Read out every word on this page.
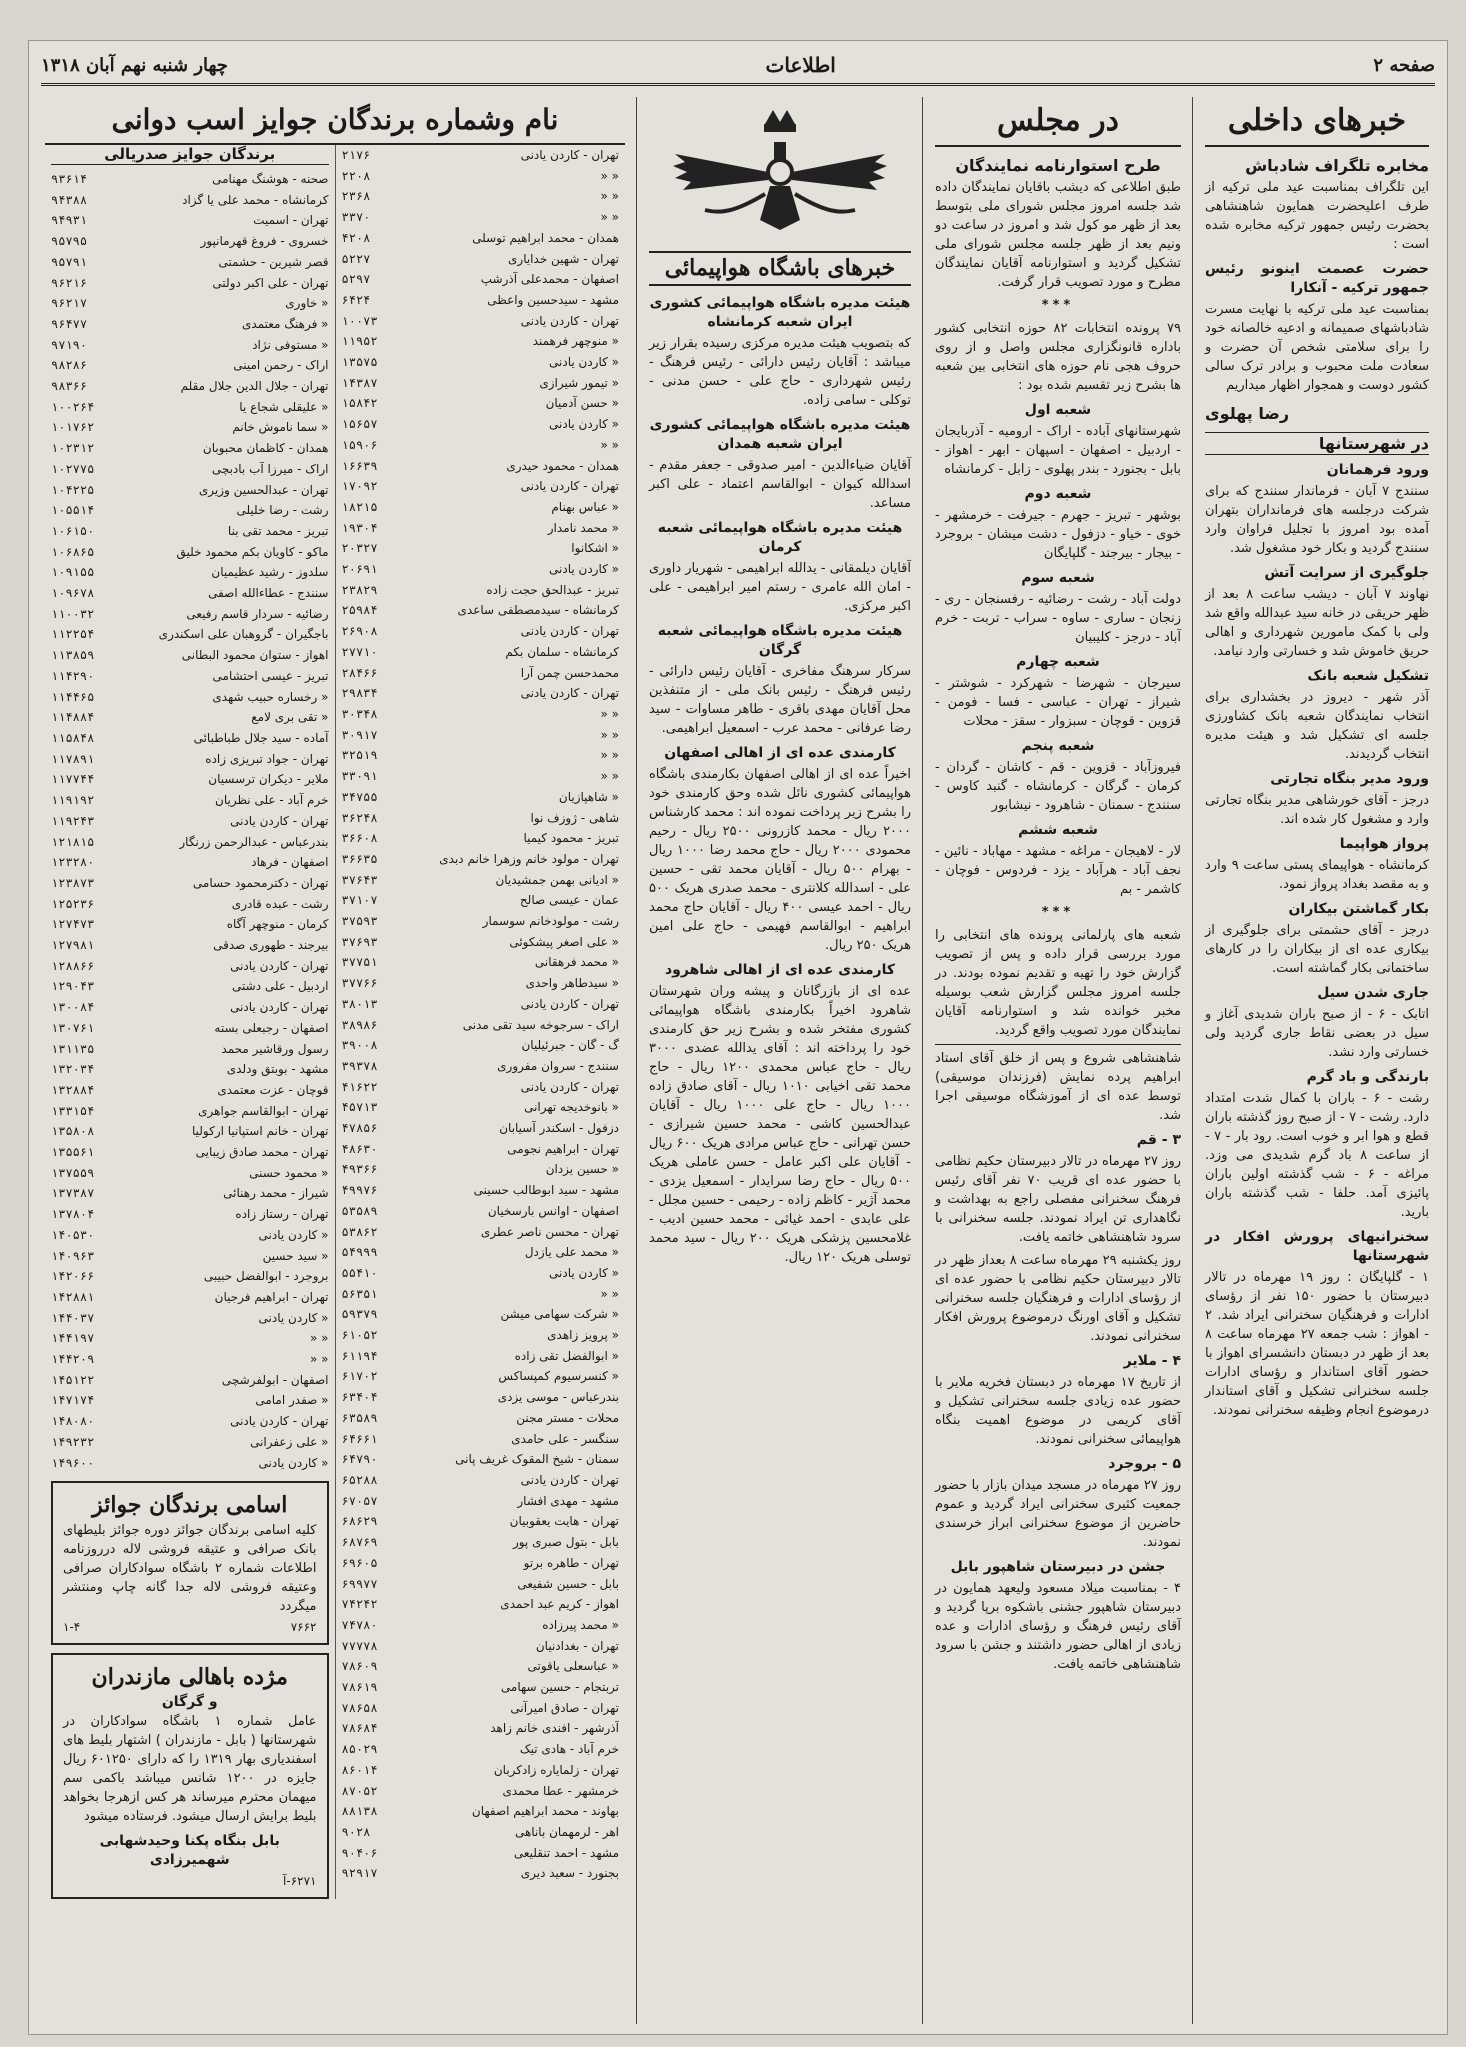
صفحه ۲
اطلاعات
چهار شنبه نهم آبان ۱۳۱۸
خبرهای داخلی
مخابره تلگراف شادباش

این تلگراف بمناسبت عید ملی ترکیه از طرف اعلیحضرت همایون شاهنشاهی بحضرت رئیس جمهور ترکیه مخابره شده است :

حضرت عصمت اینونو رئیس جمهور ترکیه - آنکارا

بمناسبت عید ملی ترکیه با نهایت مسرت شادباشهای صمیمانه و ادعیه خالصانه خود را برای سلامتی شخص آن حضرت و سعادت ملت محبوب و برادر ترک سالی کشور دوست و همجوار اظهار میداریم

رضا پهلوی
در شهرستانها
ورود فرهمانان

سنندج ۷ آبان - فرماندار سنندج که برای شرکت درجلسه های فرمانداران بتهران آمده بود امروز با تجلیل فراوان وارد سنندج گردید و بکار خود مشغول شد.

جلوگیری از سرایت آتش

نهاوند ۷ آبان - دیشب ساعت ۸ بعد از ظهر حریقی در خانه سید عبدالله واقع شد ولی با کمک مامورین شهرداری و اهالی حریق خاموش شد و خسارتی وارد نیامد.

تشکیل شعبه بانک

آذر شهر - دیروز در بخشداری برای انتخاب نمایندگان شعبه بانک کشاورزی جلسه ای تشکیل شد و هیئت مدیره انتخاب گردیدند.

ورود مدیر بنگاه تجارتی

درجز - آقای خورشاهی مدیر بنگاه تجارتی وارد و مشغول کار شده اند.

پرواز هواپیما

کرمانشاه - هواپیمای پستی ساعت ۹ وارد و به مقصد بغداد پرواز نمود.

بکار گماشتن بیکاران

درجز - آقای حشمتی برای جلوگیری از بیکاری عده ای از بیکاران را در کارهای ساختمانی بکار گماشته است.

جاری شدن سیل

اتابک - ۶ - از صبح باران شدیدی آغاز و سیل در بعضی نقاط جاری گردید ولی خسارتی وارد نشد.

بارندگی و باد گرم

رشت - ۶ - باران با کمال شدت امتداد دارد. رشت - ۷ - از صبح روز گذشته باران قطع و هوا ابر و خوب است. رود بار - ۷ - از ساعت ۸ باد گرم شدیدی می وزد. مراغه - ۶ - شب گذشته اولین باران پائیزی آمد. حلفا - شب گذشته باران بارید.

سخنرانیهای پرورش افکار در شهرستانها

۱ - گلپایگان : روز ۱۹ مهرماه در تالار دبیرستان با حضور ۱۵۰ نفر از رؤسای ادارات و فرهنگیان سخنرانی ایراد شد. ۲ - اهواز : شب جمعه ۲۷ مهرماه ساعت ۸ بعد از ظهر در دبستان دانشسرای اهواز با حضور آقای استاندار و رؤسای ادارات جلسه سخنرانی تشکیل و آقای استاندار درموضوع انجام وظیفه سخنرانی نمودند.

در مجلس
طرح استوارنامه نمایندگان

طبق اطلاعی که دیشب باقایان نمایندگان داده شد جلسه امروز مجلس شورای ملی بتوسط بعد از ظهر مو کول شد و امروز در ساعت دو ونیم بعد از ظهر جلسه مجلس شورای ملی تشکیل گردید و استوارنامه آقایان نمایندگان مطرح و مورد تصویب قرار گرفت.

***

۷۹ پرونده انتخابات ۸۲ حوزه انتخابی کشور باداره قانونگزاری مجلس واصل و از روی حروف هجی نام حوزه های انتخابی بین شعبه ها بشرح زیر تقسیم شده بود :

شعبه اول

شهرستانهای آباده - اراک - ارومیه - آذربایجان - اردبیل - اصفهان - اسپهان - ابهر - اهواز - بابل - بجنورد - بندر پهلوی - زابل - کرمانشاه

شعبه دوم

بوشهر - تبریز - جهرم - جیرفت - خرمشهر - خوی - خیاو - دزفول - دشت میشان - بروجرد - بیجار - بیرجند - گلپایگان

شعبه سوم

دولت آباد - رشت - رضائیه - رفسنجان - ری - زنجان - ساری - ساوه - سراب - تربت - خرم آباد - درجز - کلیبیان

شعبه چهارم

سیرجان - شهرضا - شهرکرد - شوشتر - شیراز - تهران - عباسی - فسا - فومن - قزوین - قوچان - سبزوار - سقز - محلات

شعبه پنجم

فیروزآباد - قزوین - قم - کاشان - گردان - کرمان - گرگان - کرمانشاه - گنبد کاوس - سنندج - سمنان - شاهرود - نیشابور

شعبه ششم

لار - لاهیجان - مراغه - مشهد - مهاباد - نائین - نجف آباد - هرآباد - یزد - فردوس - فوچان - کاشمر - بم

***

شعبه های پارلمانی پرونده های انتخابی را مورد بررسی قرار داده و پس از تصویب گزارش خود را تهیه و تقدیم نموده بودند. در جلسه امروز مجلس گزارش شعب بوسیله مخبر خوانده شد و استوارنامه آقایان نمایندگان مورد تصویب واقع گردید.

شاهنشاهی شروع و پس از خلق آقای استاد ابراهیم پرده نمایش (فرزندان موسیقی) توسط عده ای از آموزشگاه موسیقی اجرا شد.

۳ - قم

روز ۲۷ مهرماه در تالار دبیرستان حکیم نظامی با حضور عده ای قریب ۷۰ نفر آقای رئیس فرهنگ سخنرانی مفصلی راجع به بهداشت و نگاهداری تن ایراد نمودند. جلسه سخنرانی با سرود شاهنشاهی خاتمه یافت.

روز یکشنبه ۲۹ مهرماه ساعت ۸ بعداز ظهر در تالار دبیرستان حکیم نظامی با حضور عده ای از رؤسای ادارات و فرهنگیان جلسه سخنرانی تشکیل و آقای اورنگ درموضوع پرورش افکار سخنرانی نمودند.

۴ - ملایر

از تاریخ ۱۷ مهرماه در دبستان فخریه ملایر با حضور عده زیادی جلسه سخنرانی تشکیل و آقای کریمی در موضوع اهمیت بنگاه هواپیمائی سخنرانی نمودند.

۵ - بروجرد

روز ۲۷ مهرماه در مسجد میدان بازار با حضور جمعیت کثیری سخنرانی ایراد گردید و عموم حاضرین از موضوع سخنرانی ابراز خرسندی نمودند.

جشن در دبیرستان شاهپور بابل

۴ - بمناسبت میلاد مسعود ولیعهد همایون در دبیرستان شاهپور جشنی باشکوه برپا گردید و آقای رئیس فرهنگ و رؤسای ادارات و عده زیادی از اهالی حضور داشتند و جشن با سرود شاهنشاهی خاتمه یافت.

خبرهای باشگاه هواپیمائی
هیئت مدیره باشگاه هواپیمائی کشوری ایران شعبه کرمانشاه

که بتصویب هیئت مدیره مرکزی رسیده بقرار زیر میباشد : آقایان رئیس دارائی - رئیس فرهنگ - رئیس شهرداری - حاج علی - حسن مدنی - توکلی - سامی زاده.

هیئت مدیره باشگاه هواپیمائی کشوری ایران شعبه همدان

آقایان ضیاءالدین - امیر صدوقی - جعفر مقدم - اسدالله کیوان - ابوالقاسم اعتماد - علی اکبر مساعد.

هیئت مدیره باشگاه هواپیمائی شعبه کرمان

آقایان دیلمقانی - یدالله ابراهیمی - شهریار داوری - امان الله عامری - رستم امیر ابراهیمی - علی اکبر مرکزی.

هیئت مدیره باشگاه هواپیمائی شعبه گرگان

سرکار سرهنگ مفاخری - آقایان رئیس دارائی - رئیس فرهنگ - رئیس بانک ملی - از متنفذین محل آقایان مهدی باقری - طاهر مساوات - سید رضا عرفانی - محمد عرب - اسمعیل ابراهیمی.

کارمندی عده ای از اهالی اصفهان

اخیراً عده ای از اهالی اصفهان بکارمندی باشگاه هواپیمائی کشوری نائل شده وحق کارمندی خود را بشرح زیر پرداخت نموده اند : محمد کارشناس ۲۰۰۰ ریال - محمد کازرونی ۲۵۰۰ ریال - رحیم محمودی ۲۰۰۰ ریال - حاج محمد رضا ۱۰۰۰ ریال - بهرام ۵۰۰ ریال - آقایان محمد تقی - حسین علی - اسدالله کلانتری - محمد صدری هریک ۵۰۰ ریال - احمد عیسی ۴۰۰ ریال - آقایان حاج محمد ابراهیم - ابوالقاسم فهیمی - حاج علی امین هریک ۲۵۰ ریال.

کارمندی عده ای از اهالی شاهرود

عده ای از بازرگانان و پیشه وران شهرستان شاهرود اخیراً بکارمندی باشگاه هواپیمائی کشوری مفتخر شده و بشرح زیر حق کارمندی خود را پرداخته اند : آقای یدالله عضدی ۳۰۰۰ ریال - حاج عباس محمدی ۱۲۰۰ ریال - حاج محمد تقی اخیابی ۱۰۱۰ ریال - آقای صادق زاده ۱۰۰۰ ریال - حاج علی ۱۰۰۰ ریال - آقایان عبدالحسین کاشی - محمد حسین شیرازی - حسن تهرانی - حاج عباس مرادی هریک ۶۰۰ ریال - آقایان علی اکبر عامل - حسن عاملی هریک ۵۰۰ ریال - حاج رضا سرایدار - اسمعیل یزدی - محمد آژیر - کاظم زاده - رحیمی - حسین مجلل - علی عابدی - احمد غیاثی - محمد حسین ادیب - غلامحسین پزشکی هریک ۲۰۰ ریال - سید محمد توسلی هریک ۱۲۰ ریال.

نام وشماره برندگان جوایز اسب دوانی
تهران - کاردن یادنی
۲۱۷۶
« «
۲۲۰۸
« «
۲۳۶۸
« «
۳۳۷۰
همدان - محمد ابراهیم توسلی
۴۲۰۸
تهران - شهین خدایاری
۵۲۲۷
اصفهان - محمدعلی آذرشپ
۵۲۹۷
مشهد - سیدحسین واعظی
۶۴۲۴
تهران - کاردن یادنی
۱۰۰۷۳
« منوچهر فرهمند
۱۱۹۵۲
« کاردن یادنی
۱۳۵۷۵
« تیمور شیرازی
۱۴۳۸۷
« حسن آدمیان
۱۵۸۴۲
« کاردن یادنی
۱۵۶۵۷
« «
۱۵۹۰۶
همدان - محمود حیدری
۱۶۶۳۹
تهران - کاردن یادنی
۱۷۰۹۲
« عباس بهنام
۱۸۲۱۵
« محمد نامدار
۱۹۳۰۴
« اشکانوا
۲۰۳۲۷
« کاردن یادنی
۲۰۶۹۱
تبریز - عبدالحق حجت زاده
۲۳۸۲۹
کرمانشاه - سیدمصطفی ساعدی
۲۵۹۸۴
تهران - کاردن یادنی
۲۶۹۰۸
کرمانشاه - سلمان بکم
۲۷۷۱۰
محمدحسن چمن آرا
۲۸۴۶۶
تهران - کاردن یادنی
۲۹۸۳۴
« «
۳۰۳۴۸
« «
۳۰۹۱۷
« «
۳۲۵۱۹
« «
۳۳۰۹۱
« شاهپازیان
۳۴۷۵۵
شاهی - ژوزف نوا
۳۶۲۴۸
تبریز - محمود کیمیا
۳۶۶۰۸
تهران - مولود خانم وزهرا خانم دبدی
۳۶۶۳۵
« ادیانی بهمن جمشیدیان
۳۷۶۴۳
عمان - عیسی صالح
۳۷۱۰۷
رشت - مولودخانم سوسمار
۳۷۵۹۳
« علی اصغر پیشکوئی
۳۷۶۹۳
« محمد فرهقانی
۳۷۷۵۱
« سیدطاهر واحدی
۳۷۷۶۶
تهران - کاردن یادنی
۳۸۰۱۳
اراک - سرجوخه سید تقی مدنی
۳۸۹۸۶
گ - گان - جبرئیلیان
۳۹۰۰۸
سنندج - سروان مفروری
۳۹۳۷۸
تهران - کاردن یادنی
۴۱۶۲۲
« بانوخدیجه تهرانی
۴۵۷۱۳
دزفول - اسکندر آسیابان
۴۷۸۵۶
تهران - ابراهیم نجومی
۴۸۶۳۰
« حسین یزدان
۴۹۳۶۶
مشهد - سید ابوطالب حسینی
۴۹۹۷۶
اصفهان - اوانس بارسخیان
۵۳۵۸۹
تهران - محسن ناصر عطری
۵۳۸۶۲
« محمد علی یازدل
۵۴۹۹۹
« کاردن یادنی
۵۵۴۱۰
« «
۵۶۳۵۱
« شرکت سهامی میشن
۵۹۳۷۹
« پرویز زاهدی
۶۱۰۵۲
« ابوالفضل تقی زاده
۶۱۱۹۴
« کنسرسیوم کمپساکس
۶۱۷۰۲
بندرعباس - موسی یزدی
۶۳۴۰۴
محلات - مستر مجنن
۶۳۵۸۹
سنگسر - علی حامدی
۶۴۶۶۱
سمنان - شیخ المقوک غریف پانی
۶۴۷۹۰
تهران - کاردن یادنی
۶۵۲۸۸
مشهد - مهدی افشار
۶۷۰۵۷
تهران - هایت یعقوبیان
۶۸۶۲۹
بابل - بتول صبری پور
۶۸۷۶۹
تهران - طاهره برتو
۶۹۶۰۵
بابل - حسین شفیعی
۶۹۹۷۷
اهواز - کریم عبد احمدی
۷۴۲۴۲
« محمد پیرزاده
۷۴۷۸۰
تهران - بغدادنیان
۷۷۷۷۸
« عباسعلی یاقوتی
۷۸۶۰۹
تربتجام - حسین سهامی
۷۸۶۱۹
تهران - صادق امیرآنی
۷۸۶۵۸
آذرشهر - افندی خانم زاهد
۷۸۶۸۴
خرم آباد - هادی تیک
۸۵۰۲۹
تهران - زلمایاره زادکربان
۸۶۰۱۴
خرمشهر - عطا محمدی
۸۷۰۵۲
بهاوند - محمد ابراهیم اصفهان
۸۸۱۳۸
اهر - لرمهمان باناهی
۹۰۲۸
مشهد - احمد تنقلیعی
۹۰۴۰۶
بجنورد - سعید دیری
۹۲۹۱۷
برندگان جوایز صدریالی
صحنه - هوشنگ مهنامی
۹۳۶۱۴
کرمانشاه - محمد علی یا گزاد
۹۴۳۸۸
تهران - اسمیت
۹۴۹۳۱
خسروی - فروغ قهرمانپور
۹۵۷۹۵
قصر شیرین - حشمتی
۹۵۷۹۱
تهران - علی اکبر دولتی
۹۶۲۱۶
« خاوری
۹۶۲۱۷
« فرهنگ معتمدی
۹۶۴۷۷
« مستوفی نژاد
۹۷۱۹۰
اراک - رحمن امینی
۹۸۲۸۶
تهران - جلال الدین جلال مقلم
۹۸۳۶۶
« علیقلی شجاع یا
۱۰۰۲۶۴
« سما ناموش خانم
۱۰۱۷۶۲
همدان - کاظمان محبوبان
۱۰۲۳۱۲
اراک - میرزا آب بادبچی
۱۰۲۷۷۵
تهران - عبدالحسین وزیری
۱۰۴۲۲۵
رشت - رضا خلیلی
۱۰۵۵۱۴
تبریز - محمد تقی بنا
۱۰۶۱۵۰
ماکو - کاویان بکم محمود خلیق
۱۰۶۸۶۵
سلدوز - رشید عظیمیان
۱۰۹۱۵۵
سنندج - عطاءالله اصفی
۱۰۹۶۷۸
رضائیه - سردار قاسم رفیعی
۱۱۰۰۳۲
باجگیران - گروهبان علی اسکندری
۱۱۲۲۵۴
اهواز - ستوان محمود البطانی
۱۱۳۸۵۹
تبریز - عیسی احتشامی
۱۱۴۲۹۰
« رخساره حبیب شهدی
۱۱۴۴۶۵
« تقی بری لامع
۱۱۴۸۸۴
آماده - سید جلال طباطبائی
۱۱۵۸۴۸
تهران - جواد تبریزی زاده
۱۱۷۸۹۱
ملایر - دیکران ترسسیان
۱۱۷۷۴۴
خرم آباد - علی نظریان
۱۱۹۱۹۲
تهران - کاردن یادنی
۱۱۹۲۴۳
بندرعباس - عبدالرحمن زرنگار
۱۲۱۸۱۵
اصفهان - فرهاد
۱۲۳۲۸۰
تهران - دکترمحمود حسامی
۱۲۳۸۷۳
رشت - عبده قادری
۱۲۵۲۳۶
کرمان - منوچهر آگاه
۱۲۷۴۷۳
بیرجند - طهوری صدقی
۱۲۷۹۸۱
تهران - کاردن یادنی
۱۲۸۸۶۶
اردبیل - علی دشتی
۱۲۹۰۴۳
تهران - کاردن یادنی
۱۳۰۰۸۴
اصفهان - رجبعلی بسته
۱۳۰۷۶۱
رسول ورقاشیر محمد
۱۳۱۱۳۵
مشهد - بوبتق ودلدی
۱۳۲۰۳۴
قوچان - عزت معتمدی
۱۳۲۸۸۴
تهران - ابوالقاسم جواهری
۱۳۳۱۵۴
تهران - خانم استپانیا ارکولیا
۱۳۵۸۰۸
تهران - محمد صادق زیبایی
۱۳۵۵۶۱
« محمود حسنی
۱۳۷۵۵۹
شیراز - محمد رهنائی
۱۳۷۳۸۷
تهران - رستاز زاده
۱۳۷۸۰۴
« کاردن یادنی
۱۴۰۵۳۰
« سید حسین
۱۴۰۹۶۳
بروجرد - ابوالفضل حبیبی
۱۴۲۰۶۶
تهران - ابراهیم فرجیان
۱۴۲۸۸۱
« کاردن یادنی
۱۴۴۰۳۷
« «
۱۴۴۱۹۷
« «
۱۴۴۲۰۹
اصفهان - ابولفرشچی
۱۴۵۱۲۲
« صفدر امامی
۱۴۷۱۷۴
تهران - کاردن یادنی
۱۴۸۰۸۰
« علی زعفرانی
۱۴۹۲۳۲
« کاردن یادنی
۱۴۹۶۰۰
اسامی برندگان جوائز
کلیه اسامی برندگان جوائز دوره جوائز بلیطهای بانک صرافی و عتیقه فروشی لاله درروزنامه اطلاعات شماره ۲ باشگاه سوادکاران صرافی وعتیقه فروشی لاله جدا گانه چاپ ومنتشر میگردد
۷۶۶۲
۱-۴
مژده باهالی مازندران
و گرگان
عامل شماره ۱ باشگاه سوادکاران در شهرستانها ( بابل - مازندران ) اشتهار بلیط های اسفندیاری بهار ۱۳۱۹ را که دارای ۶۰۱۲۵۰ ریال جایزه در ۱۲۰۰ شانس میباشد باکمی سم میهمان محترم میرساند هر کس ازهرجا بخواهد بلیط برایش ارسال میشود. فرستاده میشود
بابل بنگاه پکنا وحیدشهابی شهمیرزادی
۶۲۷۱-آ
